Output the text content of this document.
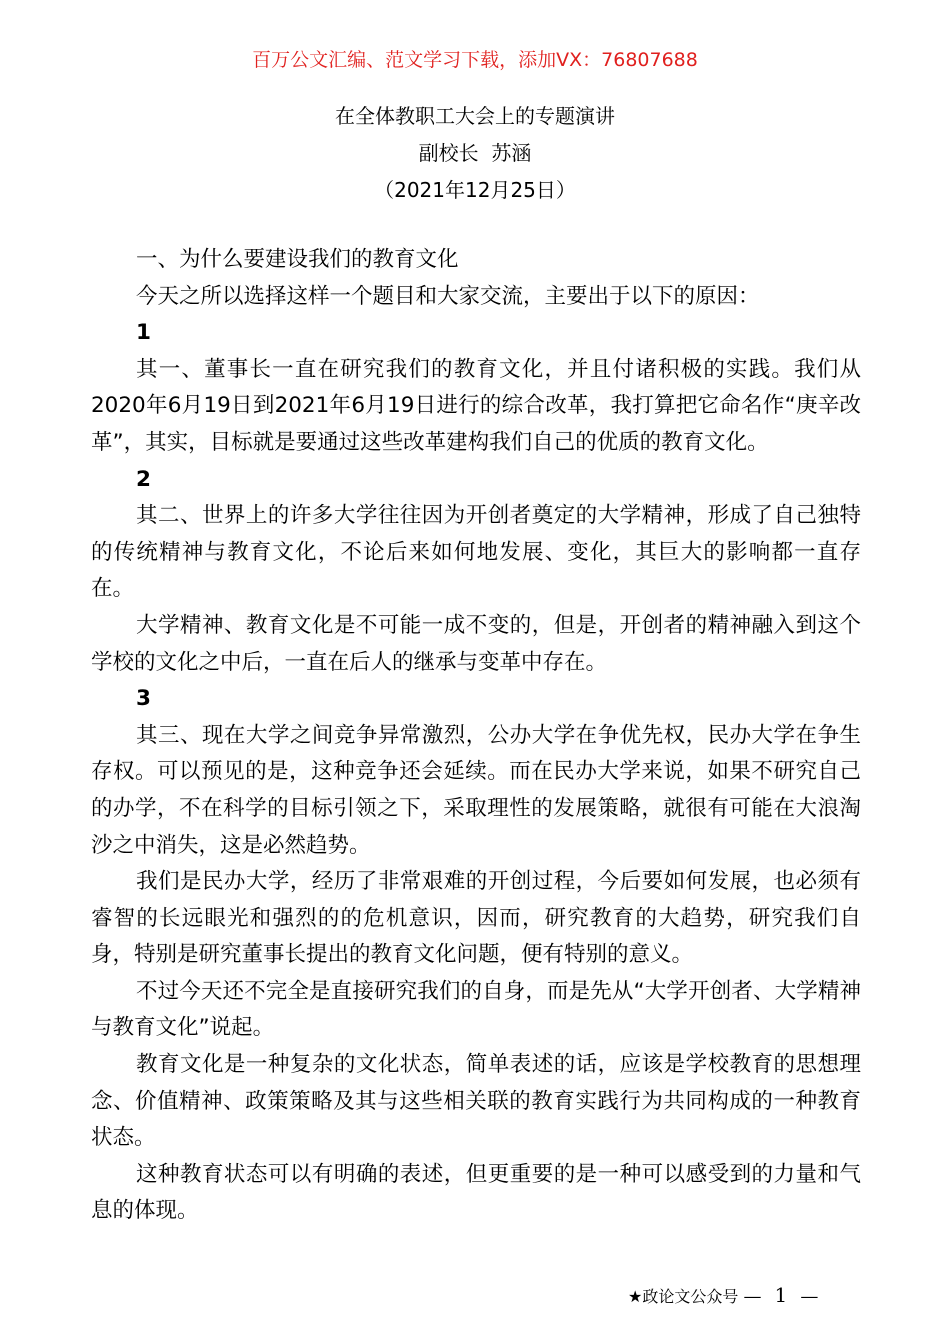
百万公文汇编、范文学习下载，添加VX：76807688
在全体教职工大会上的专题演讲
副校长  苏涵
（2021年12月25日）

一、为什么要建设我们的教育文化

今天之所以选择这样一个题目和大家交流，主要出于以下的原因：

1

其一、董事长一直在研究我们的教育文化，并且付诸积极的实践。我们从2020年6月19日到2021年6月19日进行的综合改革，我打算把它命名作“庚辛改革”，其实，目标就是要通过这些改革建构我们自己的优质的教育文化。

2

其二、世界上的许多大学往往因为开创者奠定的大学精神，形成了自己独特的传统精神与教育文化，不论后来如何地发展、变化，其巨大的影响都一直存在。

大学精神、教育文化是不可能一成不变的，但是，开创者的精神融入到这个学校的文化之中后，一直在后人的继承与变革中存在。

3

其三、现在大学之间竞争异常激烈，公办大学在争优先权，民办大学在争生存权。可以预见的是，这种竞争还会延续。而在民办大学来说，如果不研究自己的办学，不在科学的目标引领之下，采取理性的发展策略，就很有可能在大浪淘沙之中消失，这是必然趋势。

我们是民办大学，经历了非常艰难的开创过程，今后要如何发展，也必须有睿智的长远眼光和强烈的的危机意识，因而，研究教育的大趋势，研究我们自身，特别是研究董事长提出的教育文化问题，便有特别的意义。

不过今天还不完全是直接研究我们的自身，而是先从“大学开创者、大学精神与教育文化”说起。

教育文化是一种复杂的文化状态，简单表述的话，应该是学校教育的思想理念、价值精神、政策策略及其与这些相关联的教育实践行为共同构成的一种教育状态。

这种教育状态可以有明确的表述，但更重要的是一种可以感受到的力量和气息的体现。

★政论文公众号 — 1 —
